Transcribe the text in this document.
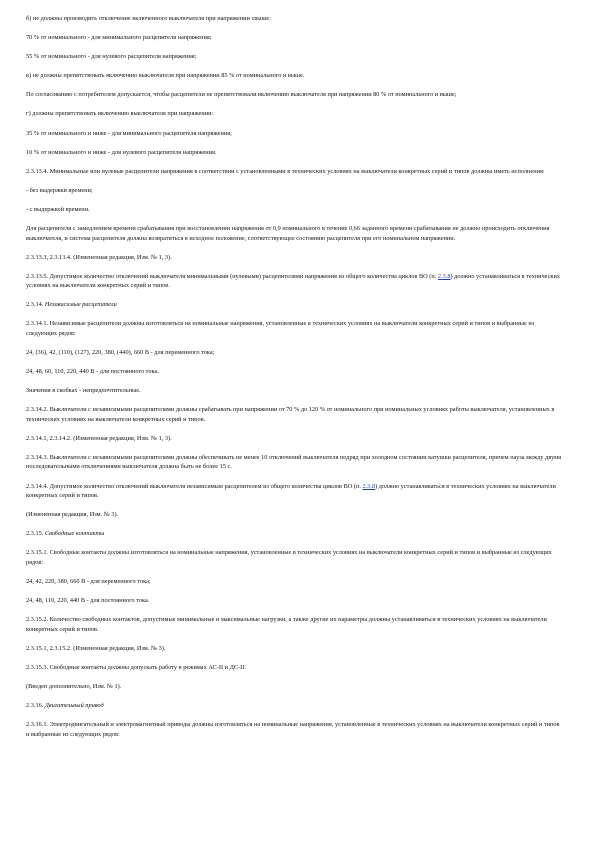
б) не должны производить отключение включенного выключателя при напряжении свыше:

70 % от номинального - для минимального расцепителя напряжения;

55 % от номинального - для нулевого расцепителя напряжения;

в) не должны препятствовать включению выключателя при напряжении 85 % от номинального и выше.

По согласованию с потребителем допускается, чтобы расцепители не препятствовали включению выключателя при напряжении 80 % от номинального и выше;

г) должны препятствовать включению выключателя при напряжении:

35 % от номинального и ниже - для минимального расцепителя напряжения;

10 % от номинального и ниже - для нулевого расцепителя напряжения.

2.3.13.4. Минимальные или нулевые расцепители напряжения в соответствии с установленными в технических условиях на выключатели конкретных серий и типов должны иметь исполнения:

- без выдержки времени;

- с выдержкой времени.

Для расцепителя с замедлением времени срабатывания при восстановлении напряжения от 0,9 номинального в течение 0,66 заданного времени срабатывания не должно происходить отключения выключателя, и система расцепителя должна возвратиться в исходное положение, соответствующее состоянию расцепителя при его номинальном напряжении.

2.3.13.3, 2.3.13.4. (Измененная редакция, Изм. № 1, 3).

2.3.13.5. Допустимое количество отключений выключателя минимальными (нулевыми) расцепителями напряжения из общего количества циклов ВО (п. 2.3.8) должно устанавливаться в технических условиях на выключатели конкретных серий и типов.

2.3.14. Независимые расцепители

2.3.14.1. Независимые расцепители должны изготовляться на номинальные напряжения, установленные в технических условиях на выключатели конкретных серий и типов и выбранные из следующих рядов:

24, (36), 42, (110), (127), 220, 380, (440), 660 В - для переменного тока;

24, 48, 60, 110, 220, 440 В - для постоянного тока.

Значения в скобках - непредпочтительные.

2.3.14.2. Выключатели с независимыми расцепителями должны срабатывать при напряжении от 70 % до 120 % от номинального при номинальных условиях работы выключателя, установленных в технических условиях на выключатели конкретных серий и типов.

2.3.14.1, 2.3.14.2. (Измененная редакция, Изм. № 1, 3).

2.3.14.3. Выключатели с независимыми расцепителями должны обеспечивать не менее 10 отключений выключателя подряд при холодном состоянии катушки расцепителя, причем пауза между двумя последовательными отключениями выключателя должна быть не более 15 с.

2.3.14.4. Допустимое количество отключений выключателя независимым расцепителем из общего количества циклов ВО (п. 2.3.8) должно устанавливаться в технических условиях на выключатели конкретных серий и типов.

(Измененная редакция, Изм. № 3).

2.3.15. Свободные контакты

2.3.15.1. Свободные контакты должны изготовляться на номинальные напряжения, установленные в технических условиях на выключатели конкретных серий и типов и выбранные из следующих рядов:

24, 42, 220, 380, 660 В - для переменного тока;

24, 48, 110, 220, 440 В - для постоянного тока.

2.3.15.2. Количество свободных контактов, допустимые минимальные и максимальные нагрузки, а также другие их параметры должны устанавливаться в технических условиях на выключатели конкретных серий и типов.

2.3.15.1, 2.3.15.2. (Измененная редакция, Изм. № 3).

2.3.15.3. Свободные контакты должны допускать работу в режимах АС-II и ДС-II.

(Введен дополнительно, Изм. № 1).

2.3.16. Двигательный привод

2.3.16.1. Электродвигательный и электромагнитный приводы должны изготовляться на номинальные напряжения, установленные в технических условиях на выключатели конкретных серий и типов и выбранные из следующих рядов:
